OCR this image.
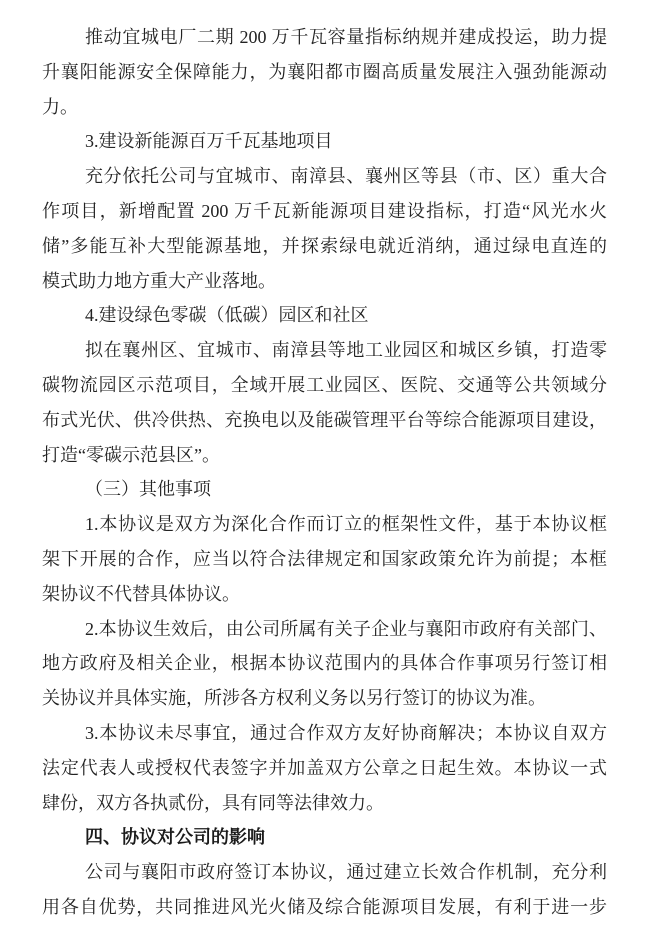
推动宜城电厂二期 200 万千瓦容量指标纳规并建成投运，助力提
升襄阳能源安全保障能力，为襄阳都市圈高质量发展注入强劲能源动
力。
3.建设新能源百万千瓦基地项目
充分依托公司与宜城市、南漳县、襄州区等县（市、区）重大合
作项目，新增配置 200 万千瓦新能源项目建设指标，打造“风光水火
储”多能互补大型能源基地，并探索绿电就近消纳，通过绿电直连的
模式助力地方重大产业落地。
4.建设绿色零碳（低碳）园区和社区
拟在襄州区、宜城市、南漳县等地工业园区和城区乡镇，打造零
碳物流园区示范项目，全域开展工业园区、医院、交通等公共领域分
布式光伏、供冷供热、充换电以及能碳管理平台等综合能源项目建设，
打造“零碳示范县区”。
（三）其他事项
1.本协议是双方为深化合作而订立的框架性文件，基于本协议框
架下开展的合作，应当以符合法律规定和国家政策允许为前提；本框
架协议不代替具体协议。
2.本协议生效后，由公司所属有关子企业与襄阳市政府有关部门、
地方政府及相关企业，根据本协议范围内的具体合作事项另行签订相
关协议并具体实施，所涉各方权利义务以另行签订的协议为准。
3.本协议未尽事宜，通过合作双方友好协商解决；本协议自双方
法定代表人或授权代表签字并加盖双方公章之日起生效。本协议一式
肆份，双方各执贰份，具有同等法律效力。
四、协议对公司的影响
公司与襄阳市政府签订本协议，通过建立长效合作机制，充分利
用各自优势，共同推进风光火储及综合能源项目发展，有利于进一步
